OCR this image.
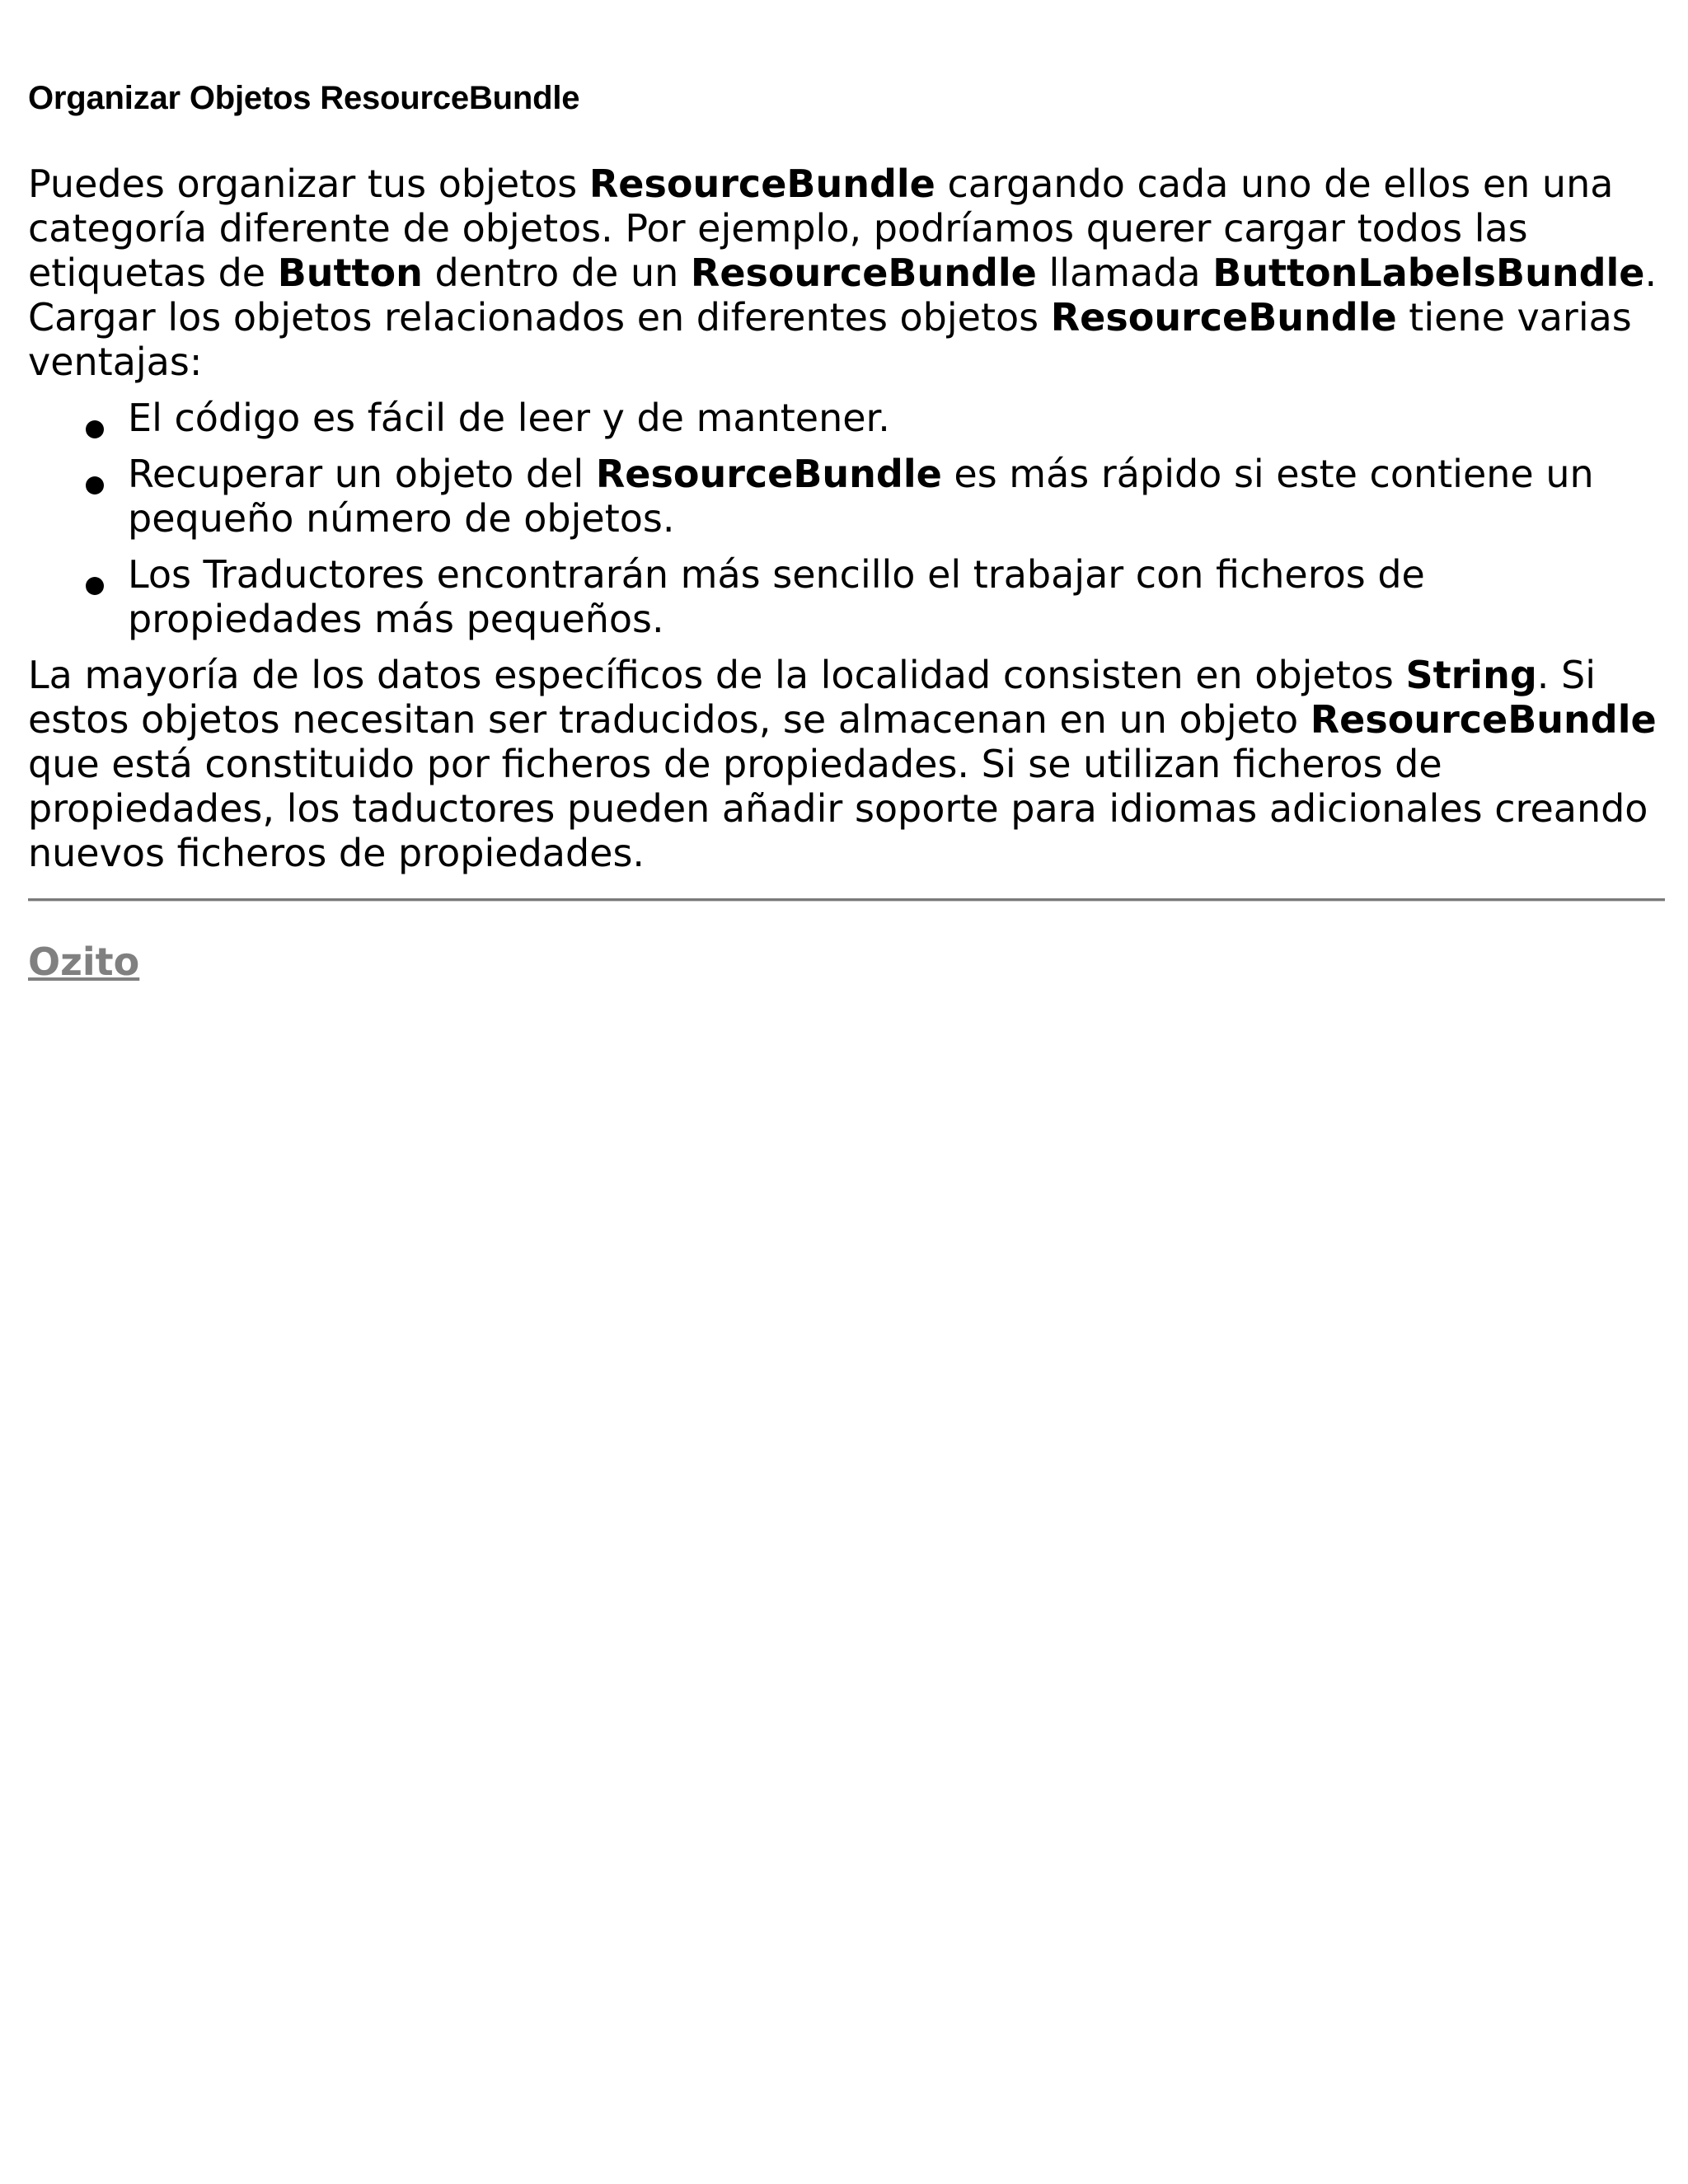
Organizar Objetos ResourceBundle

Puedes organizar tus objetos ResourceBundle cargando cada uno de ellos en una categoría diferente de objetos. Por ejemplo, podríamos querer cargar todos las etiquetas de Button dentro de un ResourceBundle llamada ButtonLabelsBundle. Cargar los objetos relacionados en diferentes objetos ResourceBundle tiene varias ventajas:

El código es fácil de leer y de mantener.
Recuperar un objeto del ResourceBundle es más rápido si este contiene un pequeño número de objetos.
Los Traductores encontrarán más sencillo el trabajar con ficheros de propiedades más pequeños.

La mayoría de los datos específicos de la localidad consisten en objetos String. Si estos objetos necesitan ser traducidos, se almacenan en un objeto ResourceBundle que está constituido por ficheros de propiedades. Si se utilizan ficheros de propiedades, los taductores pueden añadir soporte para idiomas adicionales creando nuevos ficheros de propiedades.

Ozito
